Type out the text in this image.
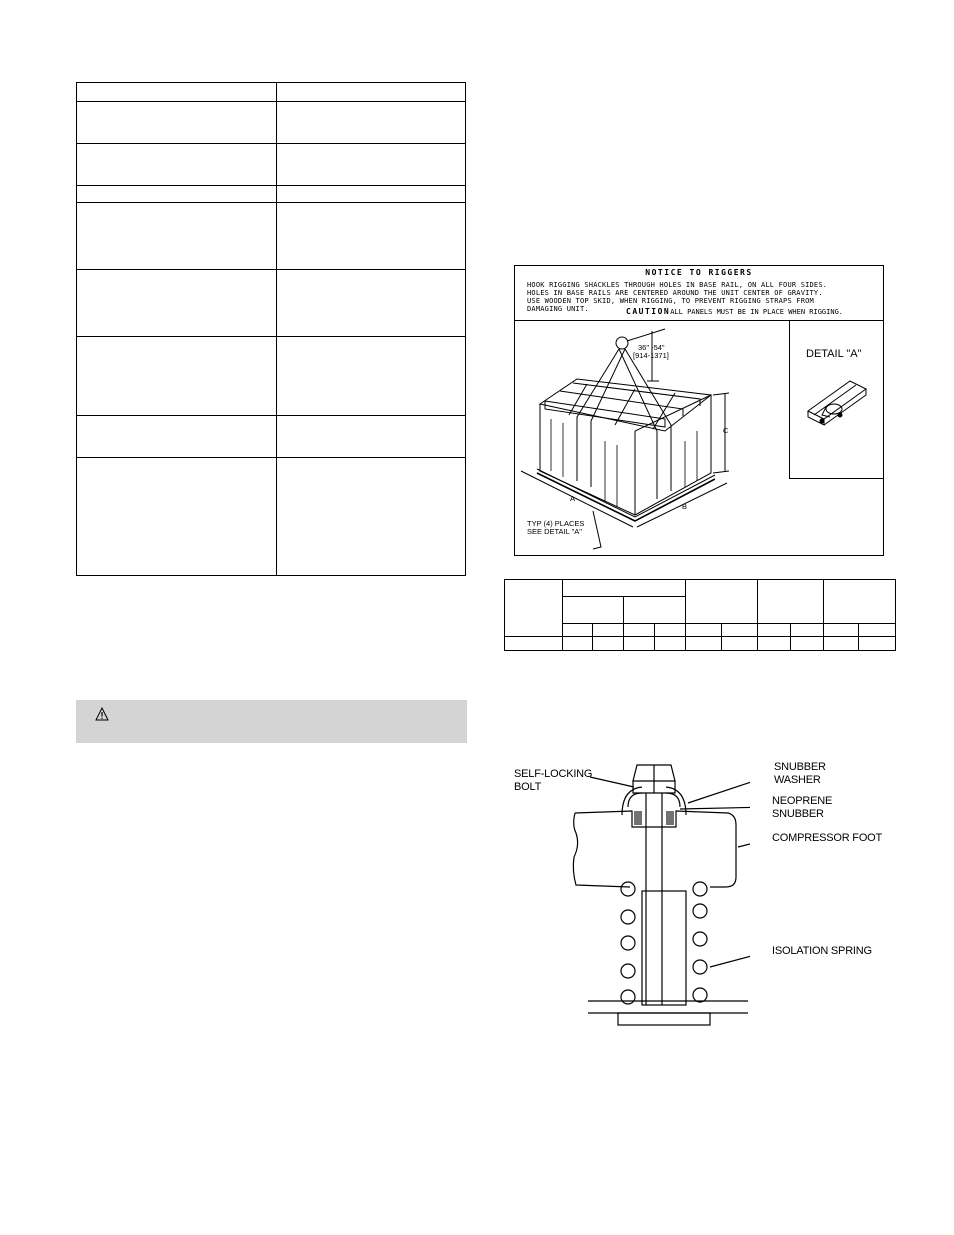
NOTICE TO RIGGERS
HOOK RIGGING SHACKLES THROUGH HOLES IN BASE RAIL, ON ALL FOUR SIDES.
HOLES IN BASE RAILS ARE CENTERED AROUND THE UNIT CENTER OF GRAVITY.
USE WOODEN TOP SKID, WHEN RIGGING, TO PREVENT RIGGING STRAPS FROM
DAMAGING UNIT.	CAUTIONALL PANELS MUST BE IN PLACE WHEN RIGGING.
DETAIL "A"
36" -54"
[914-1371]
C
A
B
TYP (4) PLACES
SEE DETAIL "A"

SELF-LOCKING
BOLT
SNUBBER
WASHER
NEOPRENE
SNUBBER
COMPRESSOR FOOT
ISOLATION SPRING
